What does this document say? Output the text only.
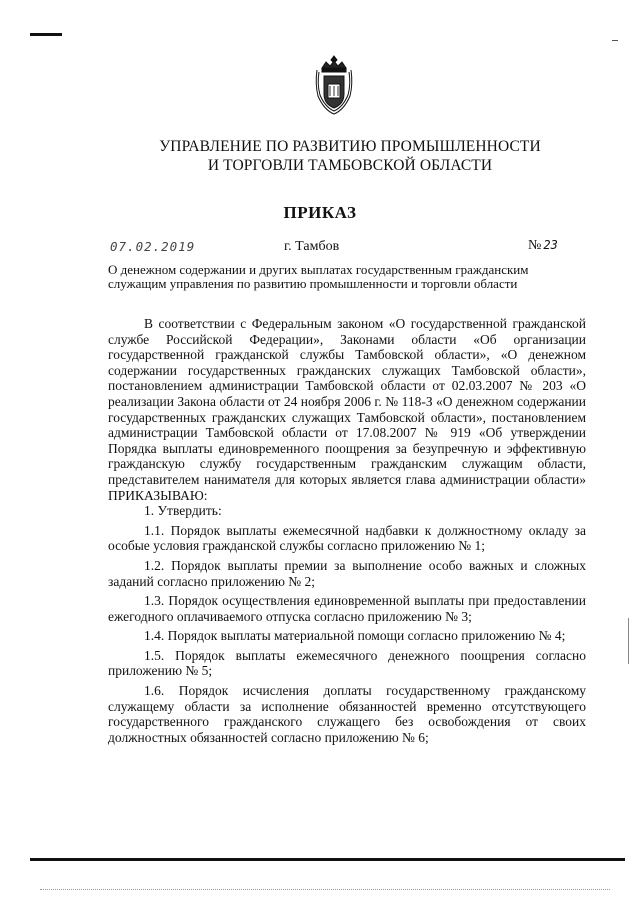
УПРАВЛЕНИЕ ПО РАЗВИТИЮ ПРОМЫШЛЕННОСТИ
И ТОРГОВЛИ ТАМБОВСКОЙ ОБЛАСТИ
ПРИКАЗ
07.02.2019	г. Тамбов	№ 23
О денежном содержании и других выплатах государственным гражданским служащим управления по развитию промышленности и торговли области

В соответствии с Федеральным законом «О государственной гражданской службе Российской Федерации», Законами области «Об организации государственной гражданской службы Тамбовской области», «О денежном содержании государственных гражданских служащих Тамбовской области», постановлением администрации Тамбовской области от 02.03.2007 № 203 «О реализации Закона области от 24 ноября 2006 г. № 118-З «О денежном содержании государственных гражданских служащих Тамбовской области», постановлением администрации Тамбовской области от 17.08.2007 № 919 «Об утверждении Порядка выплаты единовременного поощрения за безупречную и эффективную гражданскую службу государственным гражданским служащим области, представителем нанимателя для которых является глава администрации области» ПРИКАЗЫВАЮ:

1. Утвердить:

1.1. Порядок выплаты ежемесячной надбавки к должностному окладу за особые условия гражданской службы согласно приложению № 1;

1.2. Порядок выплаты премии за выполнение особо важных и сложных заданий согласно приложению № 2;

1.3. Порядок осуществления единовременной выплаты при предоставлении ежегодного оплачиваемого отпуска согласно приложению № 3;

1.4. Порядок выплаты материальной помощи согласно приложению № 4;

1.5. Порядок выплаты ежемесячного денежного поощрения согласно приложению № 5;

1.6. Порядок исчисления доплаты государственному гражданскому служащему области за исполнение обязанностей временно отсутствующего государственного гражданского служащего без освобождения от своих должностных обязанностей согласно приложению № 6;
